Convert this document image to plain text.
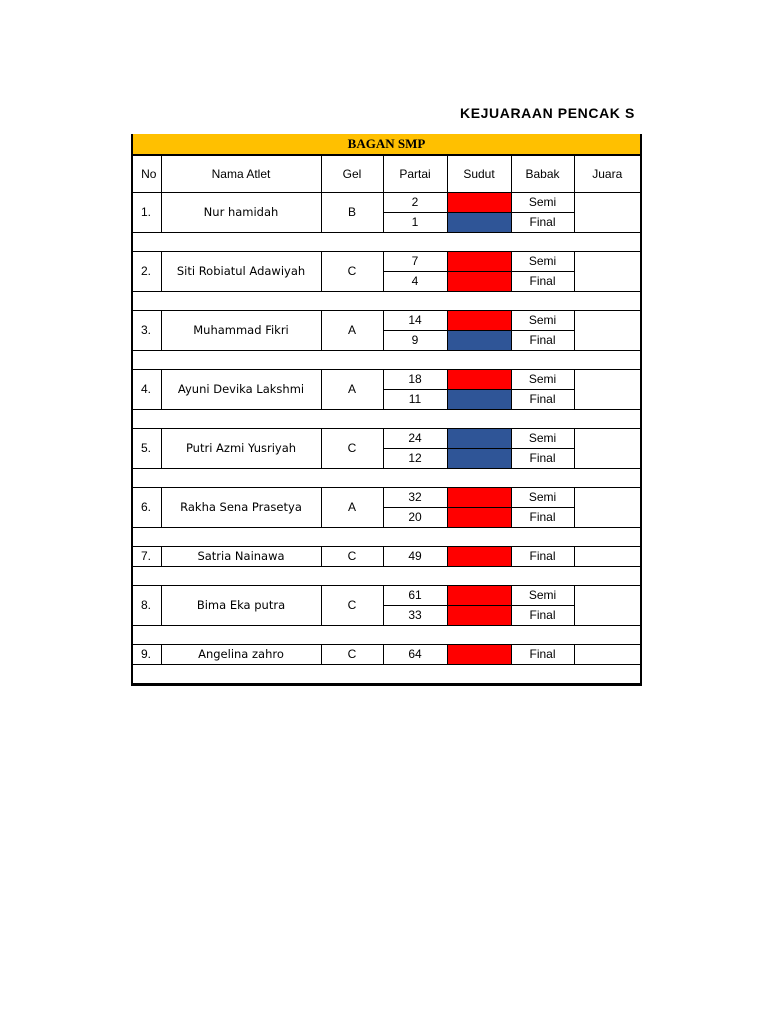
KEJUARAAN PENCAK S
BAGAN SMP
No	Nama Atlet	Gel	Partai	Sudut	Babak	Juara
1.	Nur hamidah	B	2		Semi	
			1		Final	

2.	Siti Robiatul Adawiyah	C	7		Semi	
			4		Final	

3.	Muhammad Fikri	A	14		Semi	
			9		Final	

4.	Ayuni Devika Lakshmi	A	18		Semi	
			11		Final	

5.	Putri Azmi Yusriyah	C	24		Semi	
			12		Final	

6.	Rakha Sena Prasetya	A	32		Semi	
			20		Final	

7.	Satria Nainawa	C	49		Final	

8.	Bima Eka putra	C	61		Semi	
			33		Final	

9.	Angelina zahro	C	64		Final	
